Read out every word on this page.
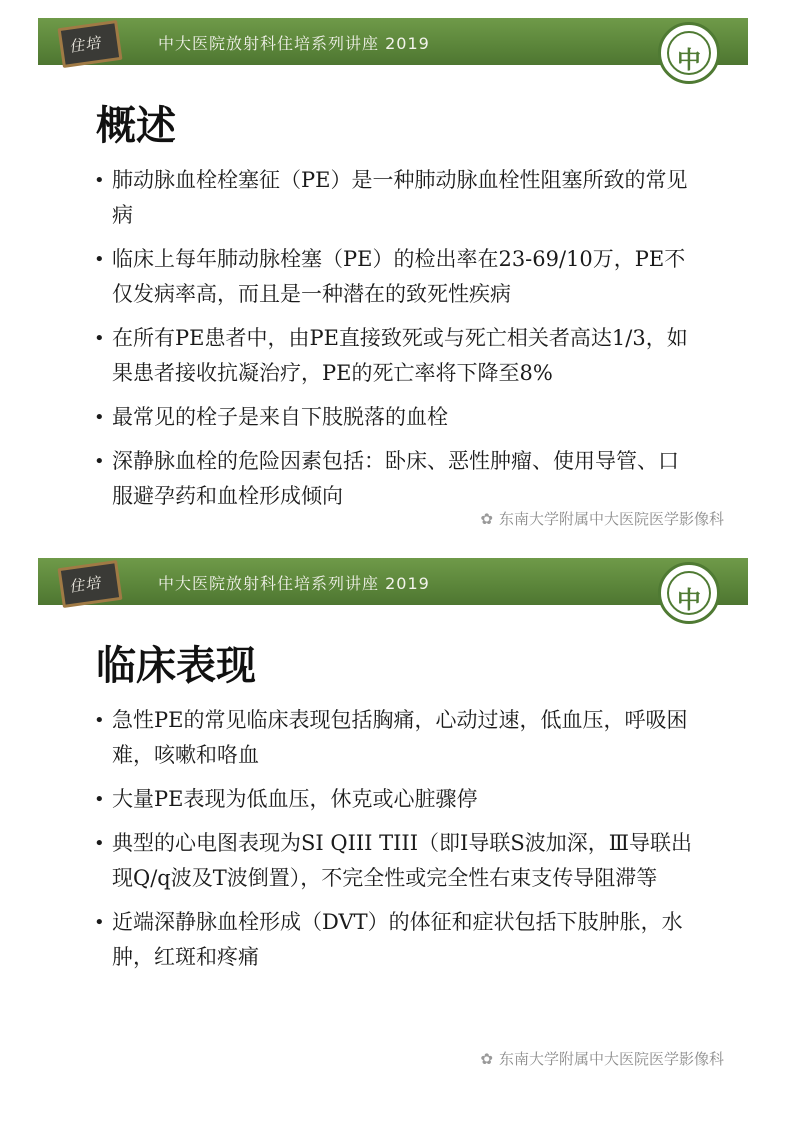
住培	中大医院放射科住培系列讲座 2019
中
概述
• 肺动脉血栓栓塞征（PE）是一种肺动脉血栓性阻塞所致的常见病
• 临床上每年肺动脉栓塞（PE）的检出率在23-69/10万，PE不仅发病率高，而且是一种潜在的致死性疾病
• 在所有PE患者中，由PE直接致死或与死亡相关者高达1/3，如果患者接收抗凝治疗，PE的死亡率将下降至8%
• 最常见的栓子是来自下肢脱落的血栓
• 深静脉血栓的危险因素包括：卧床、恶性肿瘤、使用导管、口服避孕药和血栓形成倾向
✿ 东南大学附属中大医院医学影像科
住培	中大医院放射科住培系列讲座 2019
中
临床表现
• 急性PE的常见临床表现包括胸痛，心动过速，低血压，呼吸困难，咳嗽和咯血
• 大量PE表现为低血压，休克或心脏骤停
• 典型的心电图表现为SI QIII TIII（即Ⅰ导联S波加深，Ⅲ导联出现Q/q波及T波倒置），不完全性或完全性右束支传导阻滞等
• 近端深静脉血栓形成（DVT）的体征和症状包括下肢肿胀，水肿，红斑和疼痛
✿ 东南大学附属中大医院医学影像科
